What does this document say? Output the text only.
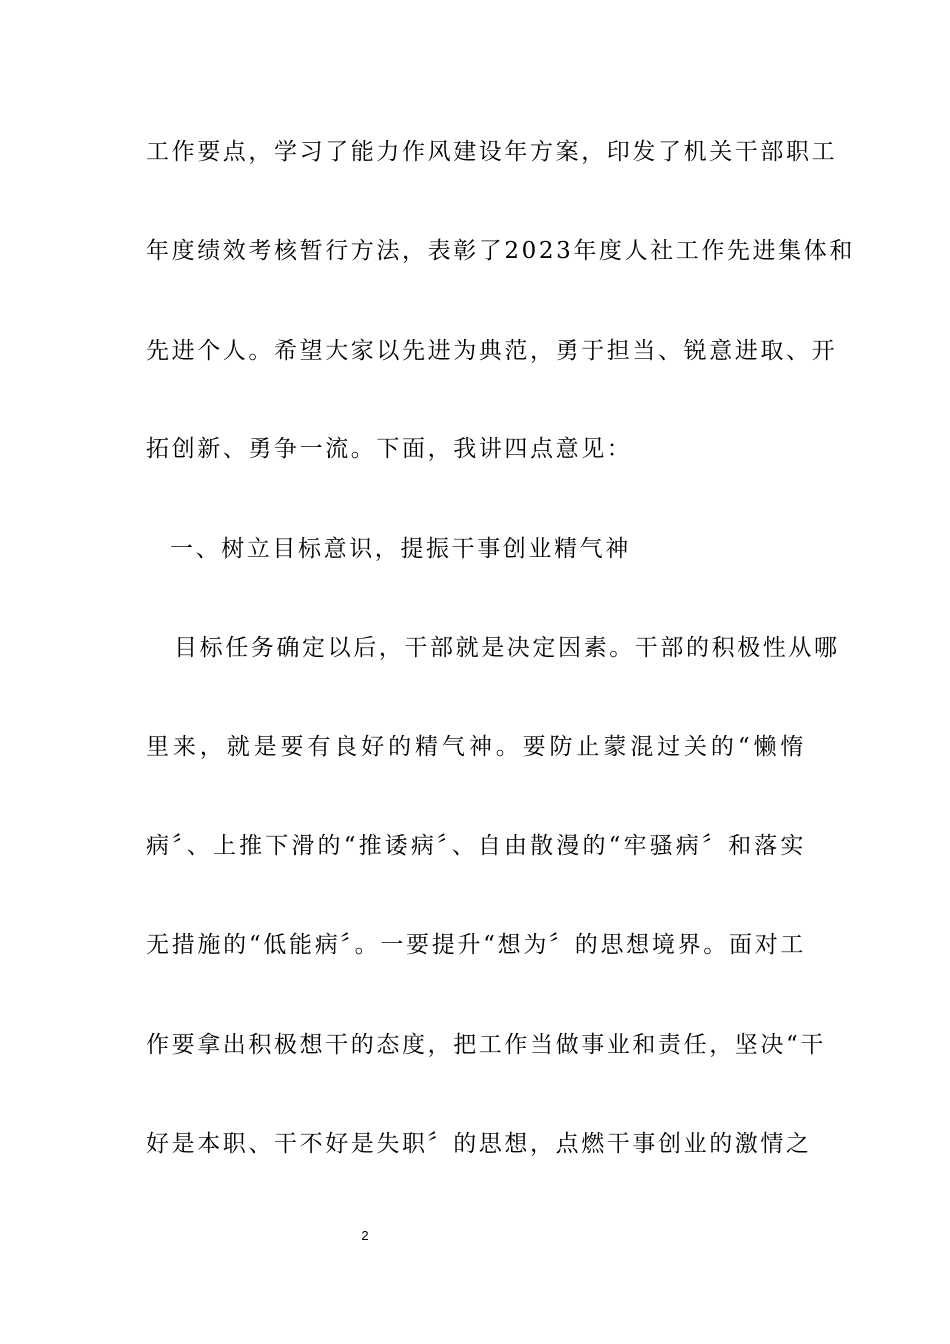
工作要点，学习了能力作风建设年方案，印发了机关干部职工
年度绩效考核暂行方法，表彰了2023年度人社工作先进集体和
先进个人。希望大家以先进为典范，勇于担当、锐意进取、开
拓创新、勇争一流。下面，我讲四点意见：
一、树立目标意识，提振干事创业精气神
目标任务确定以后，干部就是决定因素。干部的积极性从哪
里来，就是要有良好的精气神。要防止蒙混过关的“懒惰
病〞、上推下滑的“推诿病〞、自由散漫的“牢骚病〞和落实
无措施的“低能病〞。一要提升“想为〞的思想境界。面对工
作要拿出积极想干的态度，把工作当做事业和责任，坚决“干
好是本职、干不好是失职〞的思想，点燃干事创业的激情之
2
